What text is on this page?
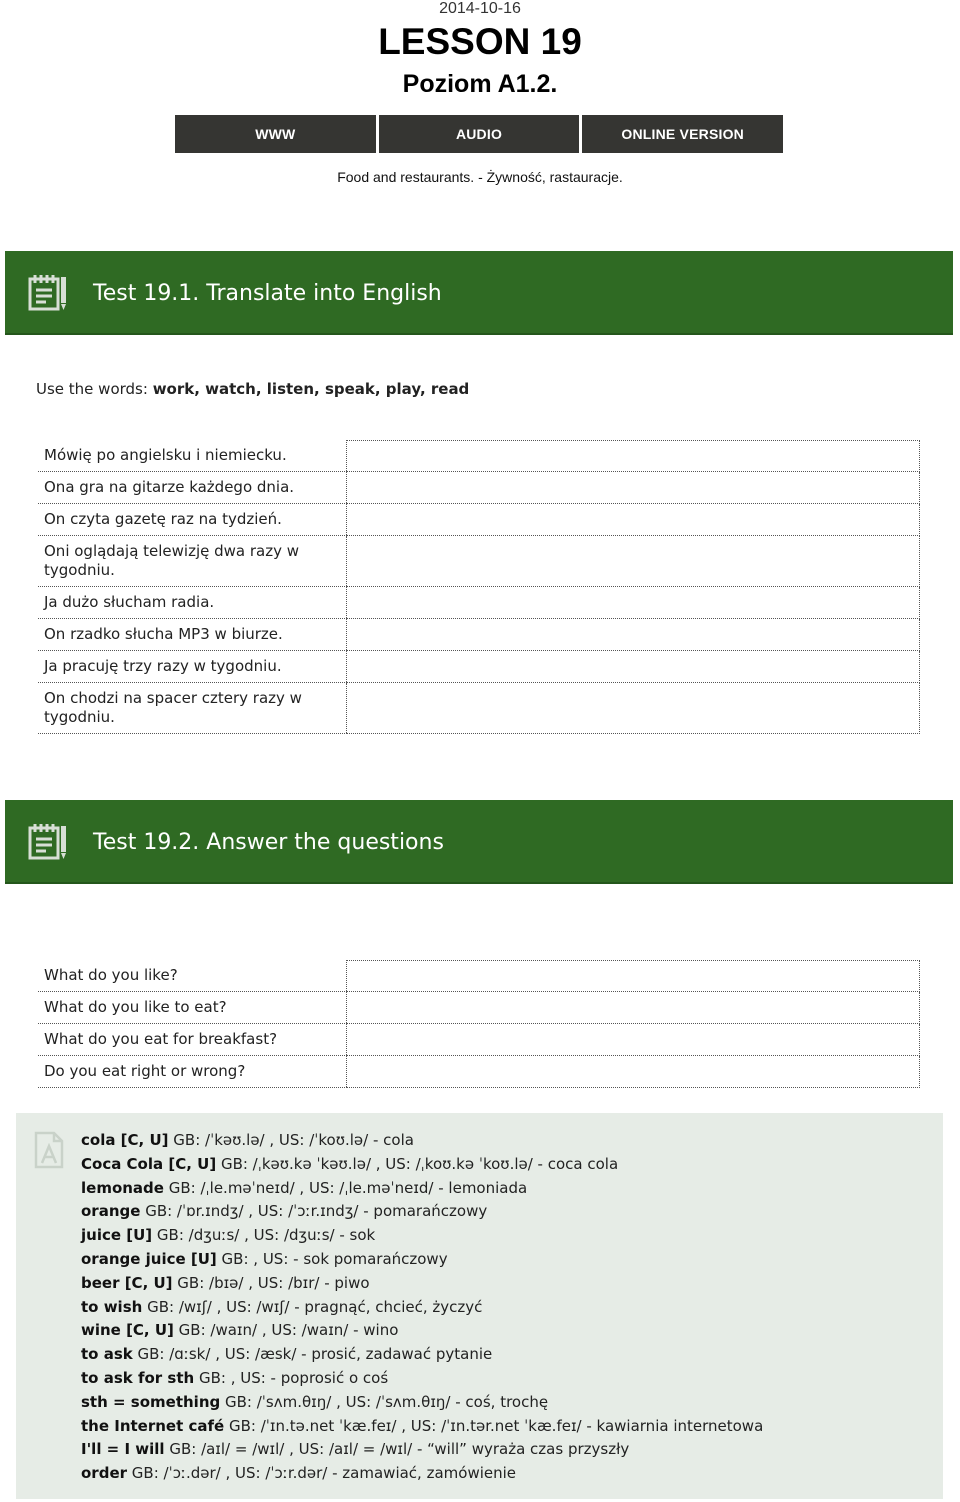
2014-10-16
LESSON 19
Poziom A1.2.
WWW	AUDIO	ONLINE VERSION
Food and restaurants. - Żywność, rastauracje.
Test 19.1. Translate into English
Use the words: work, watch, listen, speak, play, read
Mówię po angielsku i niemiecku.	
Ona gra na gitarze każdego dnia.	
On czyta gazetę raz na tydzień.	
Oni oglądają telewizję dwa razy w tygodniu.	
Ja dużo słucham radia.	
On rzadko słucha MP3 w biurze.	
Ja pracuję trzy razy w tygodniu.	
On chodzi na spacer cztery razy w tygodniu.	
Test 19.2. Answer the questions
What do you like?	
What do you like to eat?	
What do you eat for breakfast?	
Do you eat right or wrong?	
cola [C, U] GB: /ˈkəʊ.lə/ , US: /ˈkoʊ.lə/ - cola
Coca Cola [C, U] GB: /ˌkəʊ.kə ˈkəʊ.lə/ , US: /ˌkoʊ.kə ˈkoʊ.lə/ - coca cola
lemonade GB: /ˌle.məˈneɪd/ , US: /ˌle.məˈneɪd/ - lemoniada
orange GB: /ˈɒr.ɪndʒ/ , US: /ˈɔːr.ɪndʒ/ - pomarańczowy
juice [U] GB: /dʒuːs/ , US: /dʒuːs/ - sok
orange juice [U] GB: , US: - sok pomarańczowy
beer [C, U] GB: /bɪə/ , US: /bɪr/ - piwo
to wish GB: /wɪʃ/ , US: /wɪʃ/ - pragnąć, chcieć, życzyć
wine [C, U] GB: /waɪn/ , US: /waɪn/ - wino
to ask GB: /ɑːsk/ , US: /æsk/ - prosić, zadawać pytanie
to ask for sth GB: , US: - poprosić o coś
sth = something GB: /ˈsʌm.θɪŋ/ , US: /ˈsʌm.θɪŋ/ - coś, trochę
the Internet café GB: /ˈɪn.tə.net ˈkæ.feɪ/ , US: /ˈɪn.tər.net ˈkæ.feɪ/ - kawiarnia internetowa
I'll = I will GB: /aɪl/ = /wɪl/ , US: /aɪl/ = /wɪl/ - “will” wyraża czas przyszły
order GB: /ˈɔː.dər/ , US: /ˈɔːr.dər/ - zamawiać, zamówienie
